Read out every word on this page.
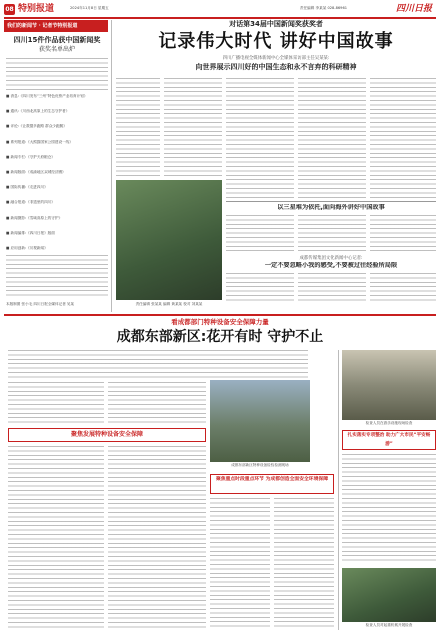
08 特别报道	2024年11月8日 星期五	责任编辑 李某某 028-86961	四川日报
我们的新闻节 · 记者节特别报道
四川15件作品获中国新闻奖
获奖名单出炉
■ 消息:《四川发布“三州”特色优势产业培育计划》
■ 通讯:《川西北高原上的生态守护者》
■ 评论:《让数据多跑路 群众少跑腿》
■ 系列报道:《大熊猫国家公园建设一线》
■ 新闻专栏:《守护天府粮仓》
■ 新闻版面:《成渝地区双城经济圈》
■ 国际传播:《走进四川》
■ 融合报道:《非遗里的四川》
■ 新闻摄影:《雪域高原上的守护》
■ 新闻编排:《四川日报》版面
■ 应用创新:《川观新闻》
本版制图 张小毛 四川日报全媒体记者 吴某
对话第34届中国新闻奖获奖者
记录伟大时代 讲好中国故事
四川广播电视全媒体新闻中心全媒体采访部主任吴某某:
向世界展示四川好的中国生态和永不言弃的科研精神
责任编辑 张某某 编辑 黄某某 校对 刘某某
以三星堆为依托,面向海外讲好中国故事
成都传媒集团文化新闻中心记者:
一定不要忽略小我的感受,不要被过往经验所局限
看成都部门特种设备安全保障力量
成都东部新区:花开有时 守护不止
成都东部新区特种设备检验检测现场
聚焦发展特种设备安全保障
聚焦重点时段重点环节 为成都创造全面安全环境保障
检查人员在游乐设施现场检查
扎实落实专项整治 助力广大市民“平安畅游”
检查人员对起重机械开展检查
